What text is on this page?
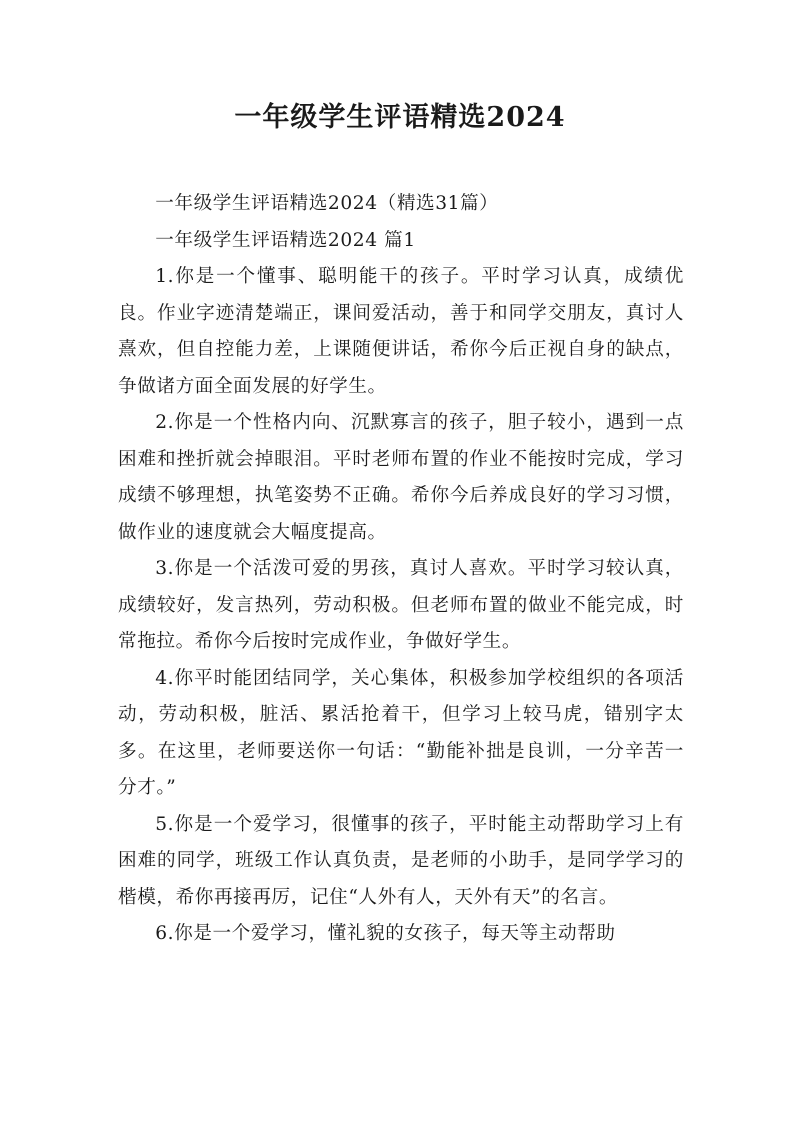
一年级学生评语精选2024

一年级学生评语精选2024（精选31篇）

一年级学生评语精选2024 篇1

1.你是一个懂事、聪明能干的孩子。平时学习认真，成绩优良。作业字迹清楚端正，课间爱活动，善于和同学交朋友，真讨人熹欢，但自控能力差，上课随便讲话，希你今后正视自身的缺点，争做诸方面全面发展的好学生。

2.你是一个性格内向、沉默寡言的孩子，胆子较小，遇到一点困难和挫折就会掉眼泪。平时老师布置的作业不能按时完成，学习成绩不够理想，执笔姿势不正确。希你今后养成良好的学习习惯，做作业的速度就会大幅度提高。

3.你是一个活泼可爱的男孩，真讨人喜欢。平时学习较认真，成绩较好，发言热列，劳动积极。但老师布置的做业不能完成，时常拖拉。希你今后按时完成作业，争做好学生。

4.你平时能团结同学，关心集体，积极参加学校组织的各项活动，劳动积极，脏活、累活抢着干，但学习上较马虎，错别字太多。在这里，老师要送你一句话：“勤能补拙是良训，一分辛苦一分才。”

5.你是一个爱学习，很懂事的孩子，平时能主动帮助学习上有困难的同学，班级工作认真负责，是老师的小助手，是同学学习的楷模，希你再接再厉，记住“人外有人，天外有天”的名言。

6.你是一个爱学习，懂礼貌的女孩子，每天等主动帮助
